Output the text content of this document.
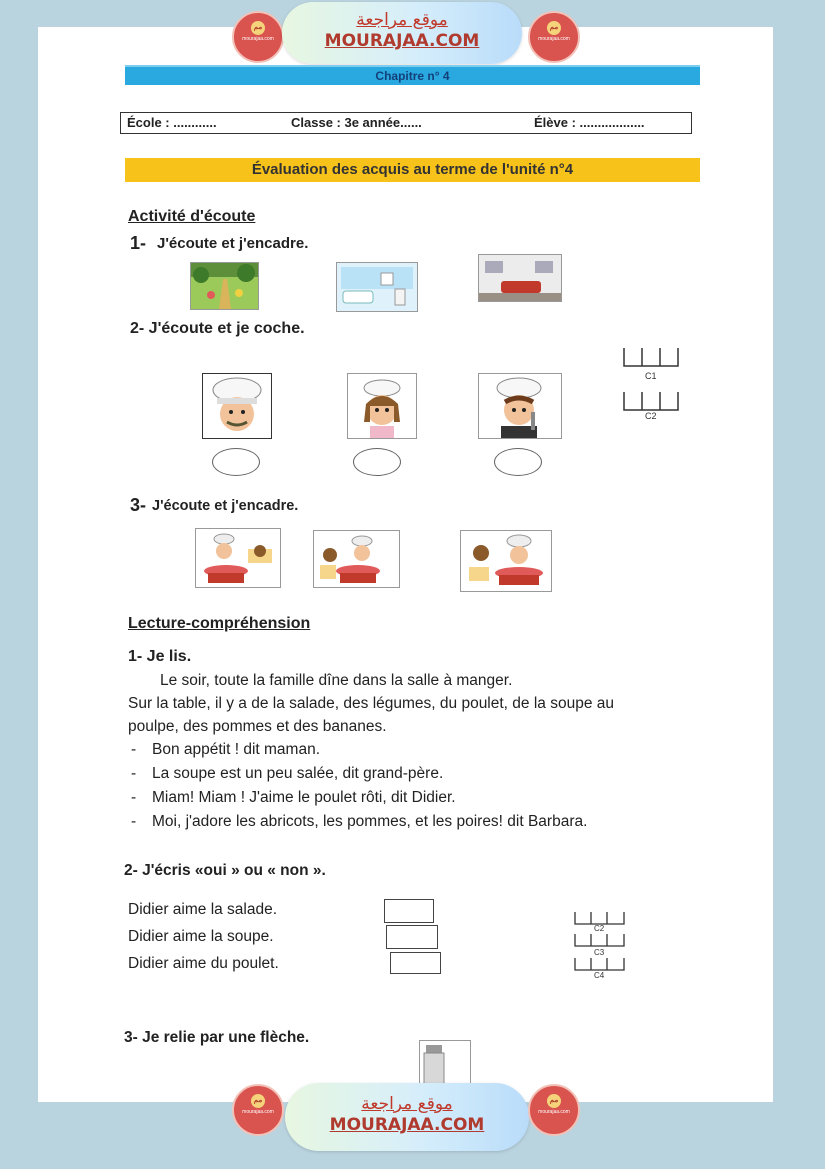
مم
mourajaa.com
موقع مراجعة
MOURAJAA.COM
مم
mourajaa.com
Chapitre n° 4
École : ............	Classe : 3e année......	Élève : ..................
Évaluation des acquis au terme de l'unité n°4
Activité d'écoute
1- J'écoute et j'encadre.
2- J'écoute et je coche.
C1
C2
3- J'écoute et j'encadre.
Lecture-compréhension
1- Je lis.
Le soir, toute la famille dîne dans la salle à manger.
Sur la table, il y a de la salade, des légumes, du poulet, de la soupe au
poulpe, des pommes et des bananes.
- Bon appétit ! dit maman.
- La soupe est un peu salée, dit grand-père.
- Miam! Miam ! J'aime le poulet rôti, dit Didier.
- Moi, j'adore les abricots, les pommes, et les poires! dit Barbara.
2- J'écris «oui » ou « non ».
Didier aime la salade.
Didier aime la soupe.
Didier aime du poulet.
C2
C3
C4
3- Je relie par une flèche.
مم
mourajaa.com	موقع مراجعة
MOURAJAA.COM
مم
mourajaa.com
